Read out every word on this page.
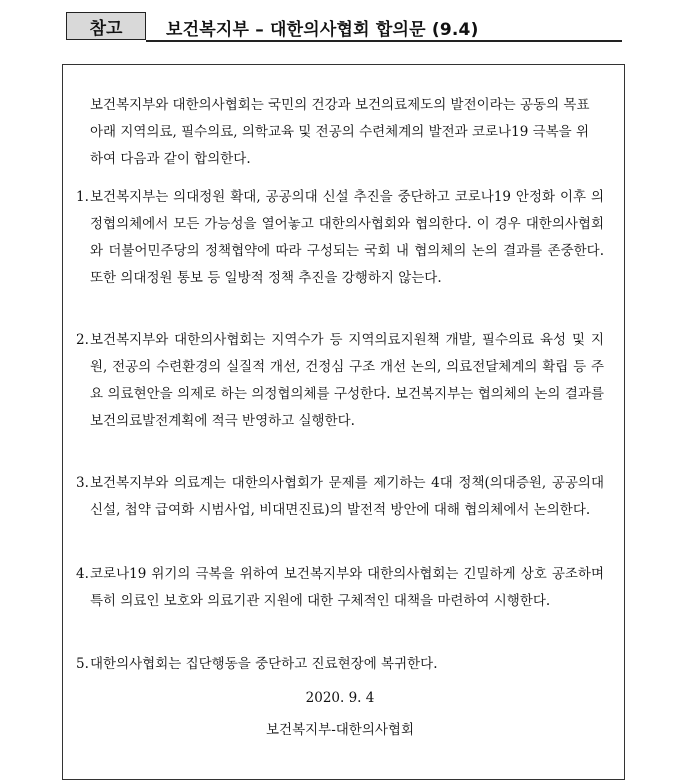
참고	보건복지부 – 대한의사협회 합의문 (9.4)

보건복지부와 대한의사협회는 국민의 건강과 보건의료제도의 발전이라는 공동의 목표 아래 지역의료, 필수의료, 의학교육 및 전공의 수련체계의 발전과 코로나19 극복을 위하여 다음과 같이 합의한다.

1. 보건복지부는 의대정원 확대, 공공의대 신설 추진을 중단하고 코로나19 안정화 이후 의정협의체에서 모든 가능성을 열어놓고 대한의사협회와 협의한다. 이 경우 대한의사협회와 더불어민주당의 정책협약에 따라 구성되는 국회 내 협의체의 논의 결과를 존중한다. 또한 의대정원 통보 등 일방적 정책 추진을 강행하지 않는다.
2. 보건복지부와 대한의사협회는 지역수가 등 지역의료지원책 개발, 필수의료 육성 및 지원, 전공의 수련환경의 실질적 개선, 건정심 구조 개선 논의, 의료전달체계의 확립 등 주요 의료현안을 의제로 하는 의정협의체를 구성한다. 보건복지부는 협의체의 논의 결과를 보건의료발전계획에 적극 반영하고 실행한다.
3. 보건복지부와 의료계는 대한의사협회가 문제를 제기하는 4대 정책(의대증원, 공공의대 신설, 첩약 급여화 시범사업, 비대면진료)의 발전적 방안에 대해 협의체에서 논의한다.
4. 코로나19 위기의 극복을 위하여 보건복지부와 대한의사협회는 긴밀하게 상호 공조하며 특히 의료인 보호와 의료기관 지원에 대한 구체적인 대책을 마련하여 시행한다.
5. 대한의사협회는 집단행동을 중단하고 진료현장에 복귀한다.
2020. 9. 4
보건복지부-대한의사협회
